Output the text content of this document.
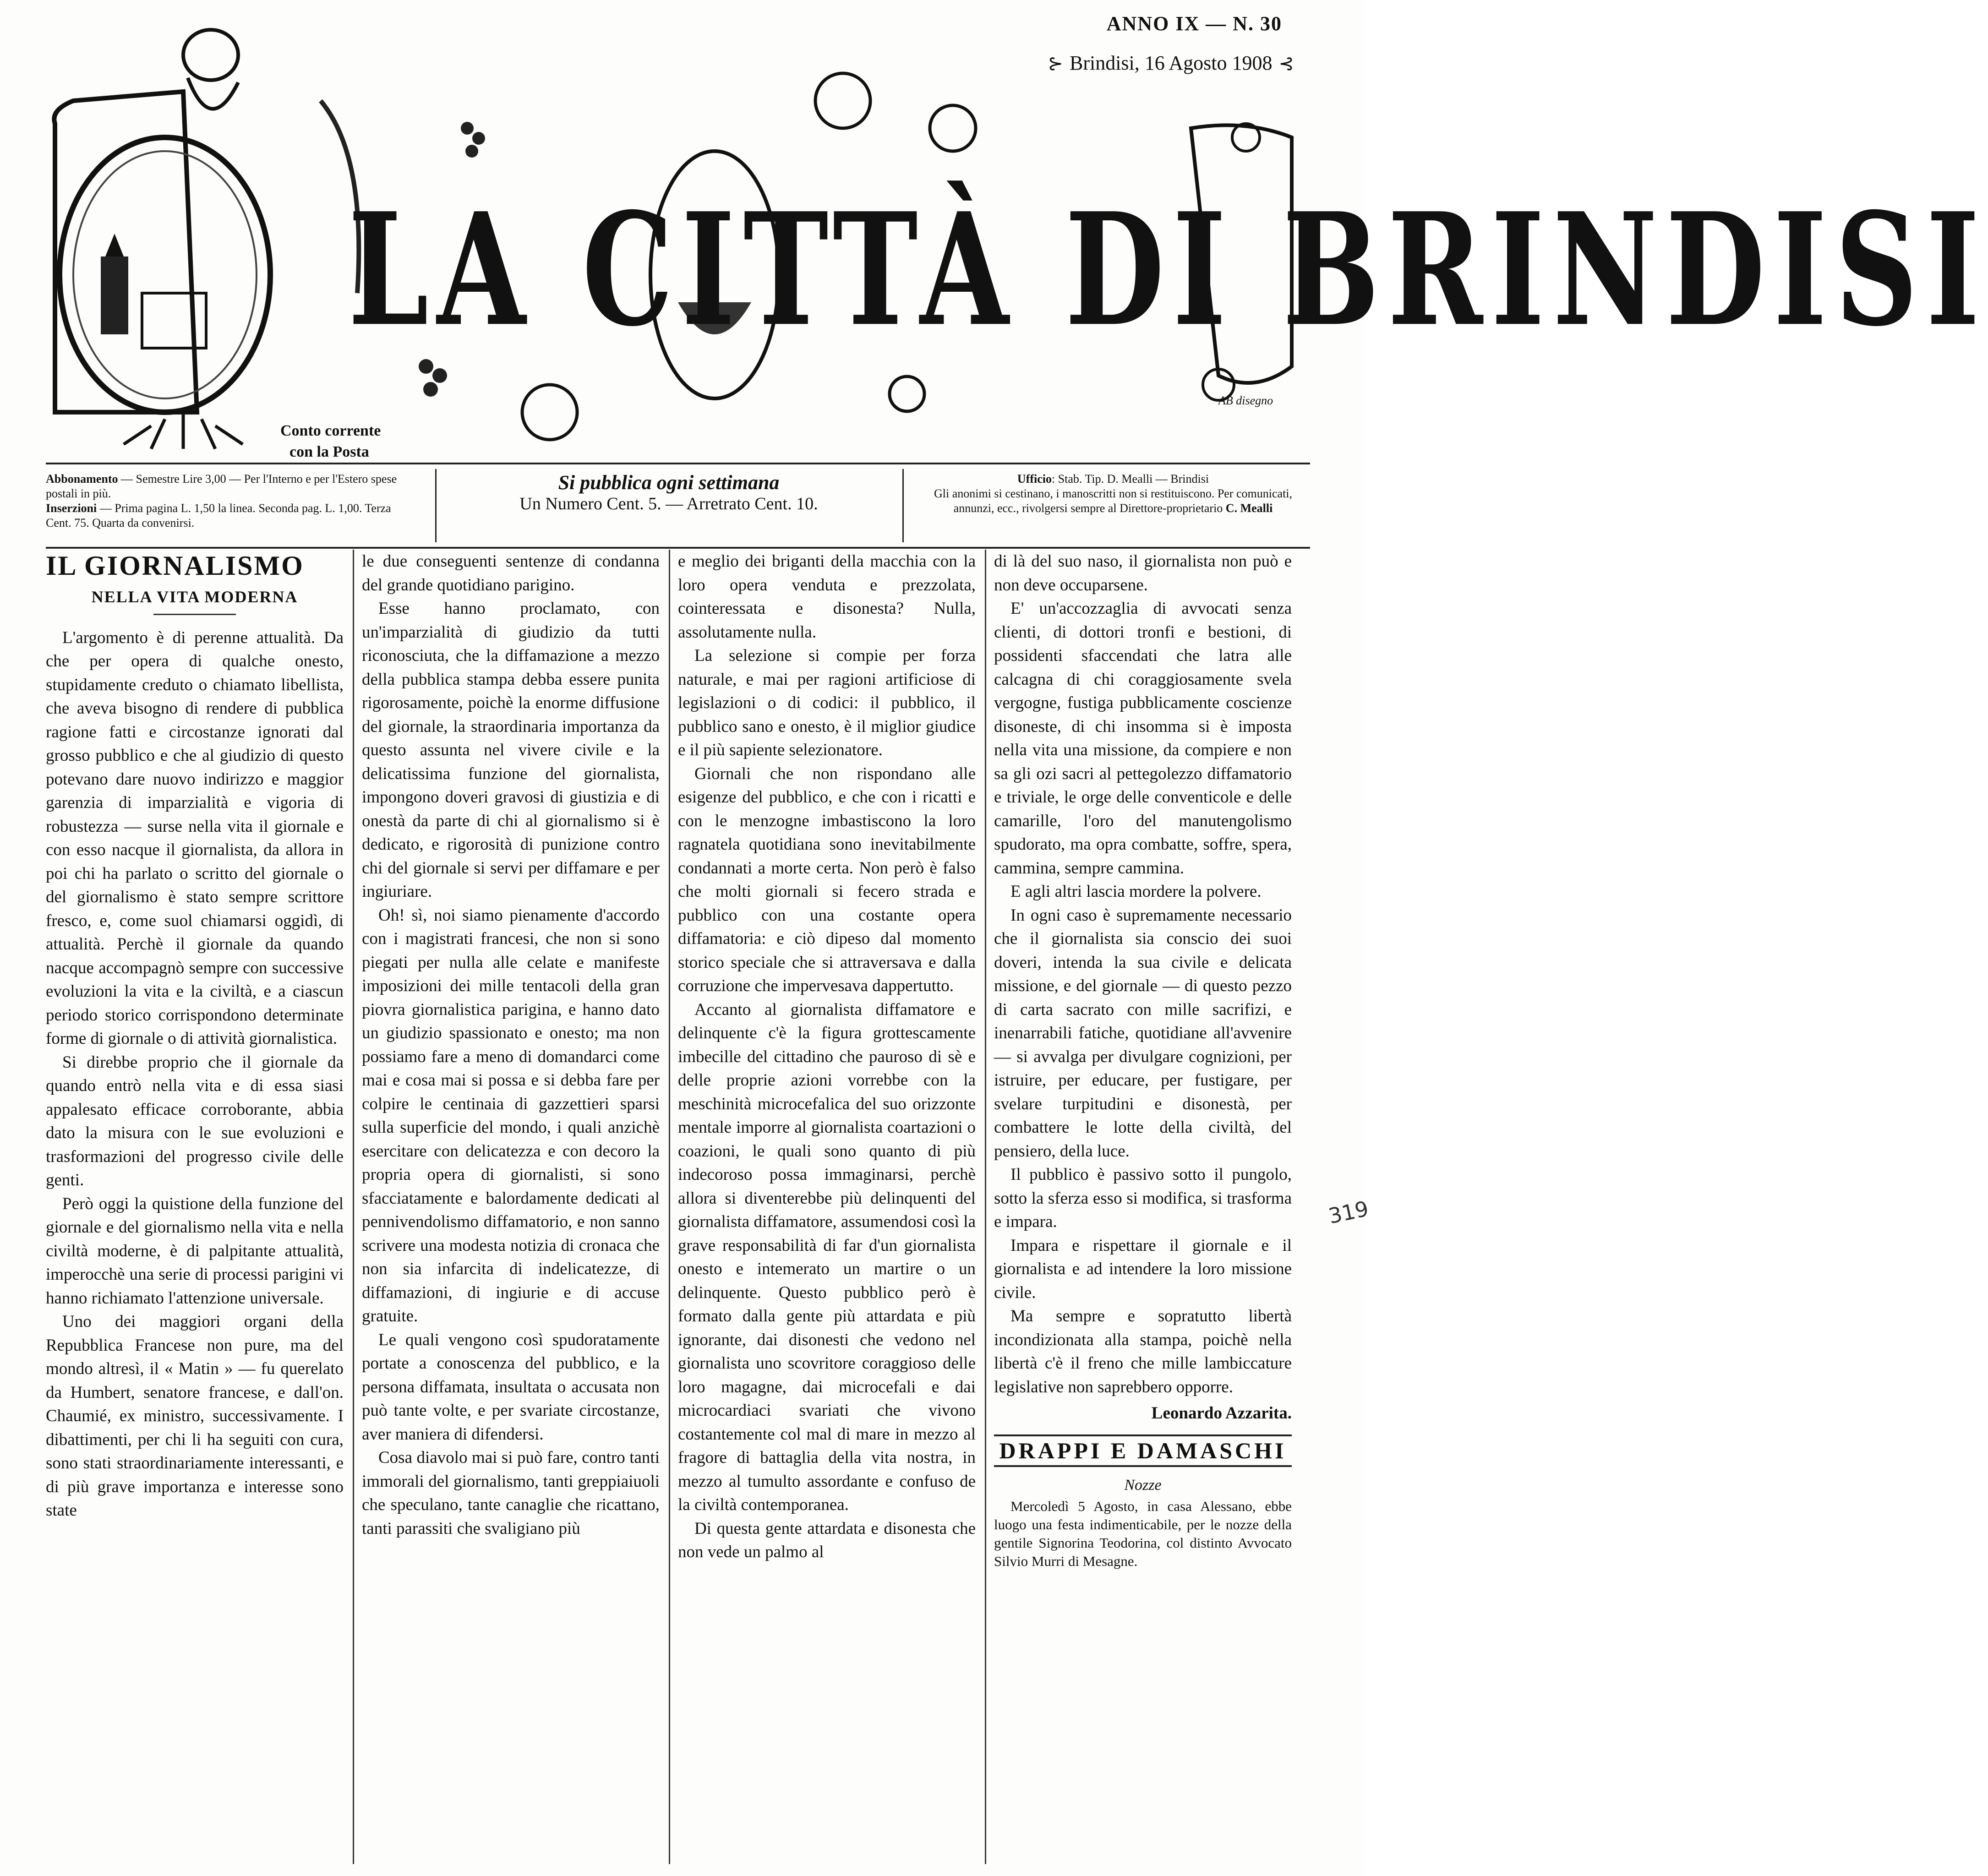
LA CITTÀ DI BRINDISI
ANNO IX — N. 30
⊱ Brindisi, 16 Agosto 1908 ⊰
Conto corrente
con la Posta
AB disegno
Abbonamento — Semestre Lire 3,00 — Per l'Interno e per l'Estero spese postali in più.
Inserzioni — Prima pagina L. 1,50 la linea. Seconda pag. L. 1,00. Terza Cent. 75. Quarta da convenirsi.
Si pubblica ogni settimana
Un Numero Cent. 5. — Arretrato Cent. 10.
Ufficio: Stab. Tip. D. Mealli — Brindisi
Gli anonimi si cestinano, i manoscritti non si restituiscono. Per comunicati, annunzi, ecc., rivolgersi sempre al Direttore-proprietario C. Mealli
IL GIORNALISMO
NELLA VITA MODERNA

L'argomento è di perenne attualità. Da che per opera di qualche onesto, stupidamente creduto o chiamato libellista, che aveva bisogno di rendere di pubblica ragione fatti e circostanze ignorati dal grosso pubblico e che al giudizio di questo potevano dare nuovo indirizzo e maggior garenzia di imparzialità e vigoria di robustezza — surse nella vita il giornale e con esso nacque il giornalista, da allora in poi chi ha parlato o scritto del giornale o del giornalismo è stato sempre scrittore fresco, e, come suol chiamarsi oggidì, di attualità. Perchè il giornale da quando nacque accompagnò sempre con successive evoluzioni la vita e la civiltà, e a ciascun periodo storico corrispondono determinate forme di giornale o di attività giornalistica.

Si direbbe proprio che il giornale da quando entrò nella vita e di essa siasi appalesato efficace corroborante, abbia dato la misura con le sue evoluzioni e trasformazioni del progresso civile delle genti.

Però oggi la quistione della funzione del giornale e del giornalismo nella vita e nella civiltà moderne, è di palpitante attualità, imperocchè una serie di processi parigini vi hanno richiamato l'attenzione universale.

Uno dei maggiori organi della Repubblica Francese non pure, ma del mondo altresì, il « Matin » — fu querelato da Humbert, senatore francese, e dall'on. Chaumié, ex ministro, successivamente. I dibattimenti, per chi li ha seguiti con cura, sono stati straordinariamente interessanti, e di più grave importanza e interesse sono state

le due conseguenti sentenze di condanna del grande quotidiano parigino.

Esse hanno proclamato, con un'imparzialità di giudizio da tutti riconosciuta, che la diffamazione a mezzo della pubblica stampa debba essere punita rigorosamente, poichè la enorme diffusione del giornale, la straordinaria importanza da questo assunta nel vivere civile e la delicatissima funzione del giornalista, impongono doveri gravosi di giustizia e di onestà da parte di chi al giornalismo si è dedicato, e rigorosità di punizione contro chi del giornale si servi per diffamare e per ingiuriare.

Oh! sì, noi siamo pienamente d'accordo con i magistrati francesi, che non si sono piegati per nulla alle celate e manifeste imposizioni dei mille tentacoli della gran piovra giornalistica parigina, e hanno dato un giudizio spassionato e onesto; ma non possiamo fare a meno di domandarci come mai e cosa mai si possa e si debba fare per colpire le centinaia di gazzettieri sparsi sulla superficie del mondo, i quali anzichè esercitare con delicatezza e con decoro la propria opera di giornalisti, si sono sfacciatamente e balordamente dedicati al pennivendolismo diffamatorio, e non sanno scrivere una modesta notizia di cronaca che non sia infarcita di indelicatezze, di diffamazioni, di ingiurie e di accuse gratuite.

Le quali vengono così spudoratamente portate a conoscenza del pubblico, e la persona diffamata, insultata o accusata non può tante volte, e per svariate circostanze, aver maniera di difendersi.

Cosa diavolo mai si può fare, contro tanti immorali del giornalismo, tanti greppiaiuoli che speculano, tante canaglie che ricattano, tanti parassiti che svaligiano più

e meglio dei briganti della macchia con la loro opera venduta e prezzolata, cointeressata e disonesta? Nulla, assolutamente nulla.

La selezione si compie per forza naturale, e mai per ragioni artificiose di legislazioni o di codici: il pubblico, il pubblico sano e onesto, è il miglior giudice e il più sapiente selezionatore.

Giornali che non rispondano alle esigenze del pubblico, e che con i ricatti e con le menzogne imbastiscono la loro ragnatela quotidiana sono inevitabilmente condannati a morte certa. Non però è falso che molti giornali si fecero strada e pubblico con una costante opera diffamatoria: e ciò dipeso dal momento storico speciale che si attraversava e dalla corruzione che impervesava dappertutto.

Accanto al giornalista diffamatore e delinquente c'è la figura grottescamente imbecille del cittadino che pauroso di sè e delle proprie azioni vorrebbe con la meschinità microcefalica del suo orizzonte mentale imporre al giornalista coartazioni o coazioni, le quali sono quanto di più indecoroso possa immaginarsi, perchè allora si diventerebbe più delinquenti del giornalista diffamatore, assumendosi così la grave responsabilità di far d'un giornalista onesto e intemerato un martire o un delinquente. Questo pubblico però è formato dalla gente più attardata e più ignorante, dai disonesti che vedono nel giornalista uno scovritore coraggioso delle loro magagne, dai microcefali e dai microcardiaci svariati che vivono costantemente col mal di mare in mezzo al fragore di battaglia della vita nostra, in mezzo al tumulto assordante e confuso de la civiltà contemporanea.

Di questa gente attardata e disonesta che non vede un palmo al

di là del suo naso, il giornalista non può e non deve occuparsene.

E' un'accozzaglia di avvocati senza clienti, di dottori tronfi e bestioni, di possidenti sfaccendati che latra alle calcagna di chi coraggiosamente svela vergogne, fustiga pubblicamente coscienze disoneste, di chi insomma si è imposta nella vita una missione, da compiere e non sa gli ozi sacri al pettegolezzo diffamatorio e triviale, le orge delle conventicole e delle camarille, l'oro del manutengolismo spudorato, ma opra combatte, soffre, spera, cammina, sempre cammina.

E agli altri lascia mordere la polvere.

In ogni caso è supremamente necessario che il giornalista sia conscio dei suoi doveri, intenda la sua civile e delicata missione, e del giornale — di questo pezzo di carta sacrato con mille sacrifizi, e inenarrabili fatiche, quotidiane all'avvenire — si avvalga per divulgare cognizioni, per istruire, per educare, per fustigare, per svelare turpitudini e disonestà, per combattere le lotte della civiltà, del pensiero, della luce.

Il pubblico è passivo sotto il pungolo, sotto la sferza esso si modifica, si trasforma e impara.

Impara e rispettare il giornale e il giornalista e ad intendere la loro missione civile.

Ma sempre e sopratutto libertà incondizionata alla stampa, poichè nella libertà c'è il freno che mille lambiccature legislative non saprebbero opporre.

Leonardo Azzarita.
DRAPPI E DAMASCHI
Nozze

Mercoledì 5 Agosto, in casa Alessano, ebbe luogo una festa indimenticabile, per le nozze della gentile Signorina Teodorina, col distinto Avvocato Silvio Murri di Mesagne.

319
